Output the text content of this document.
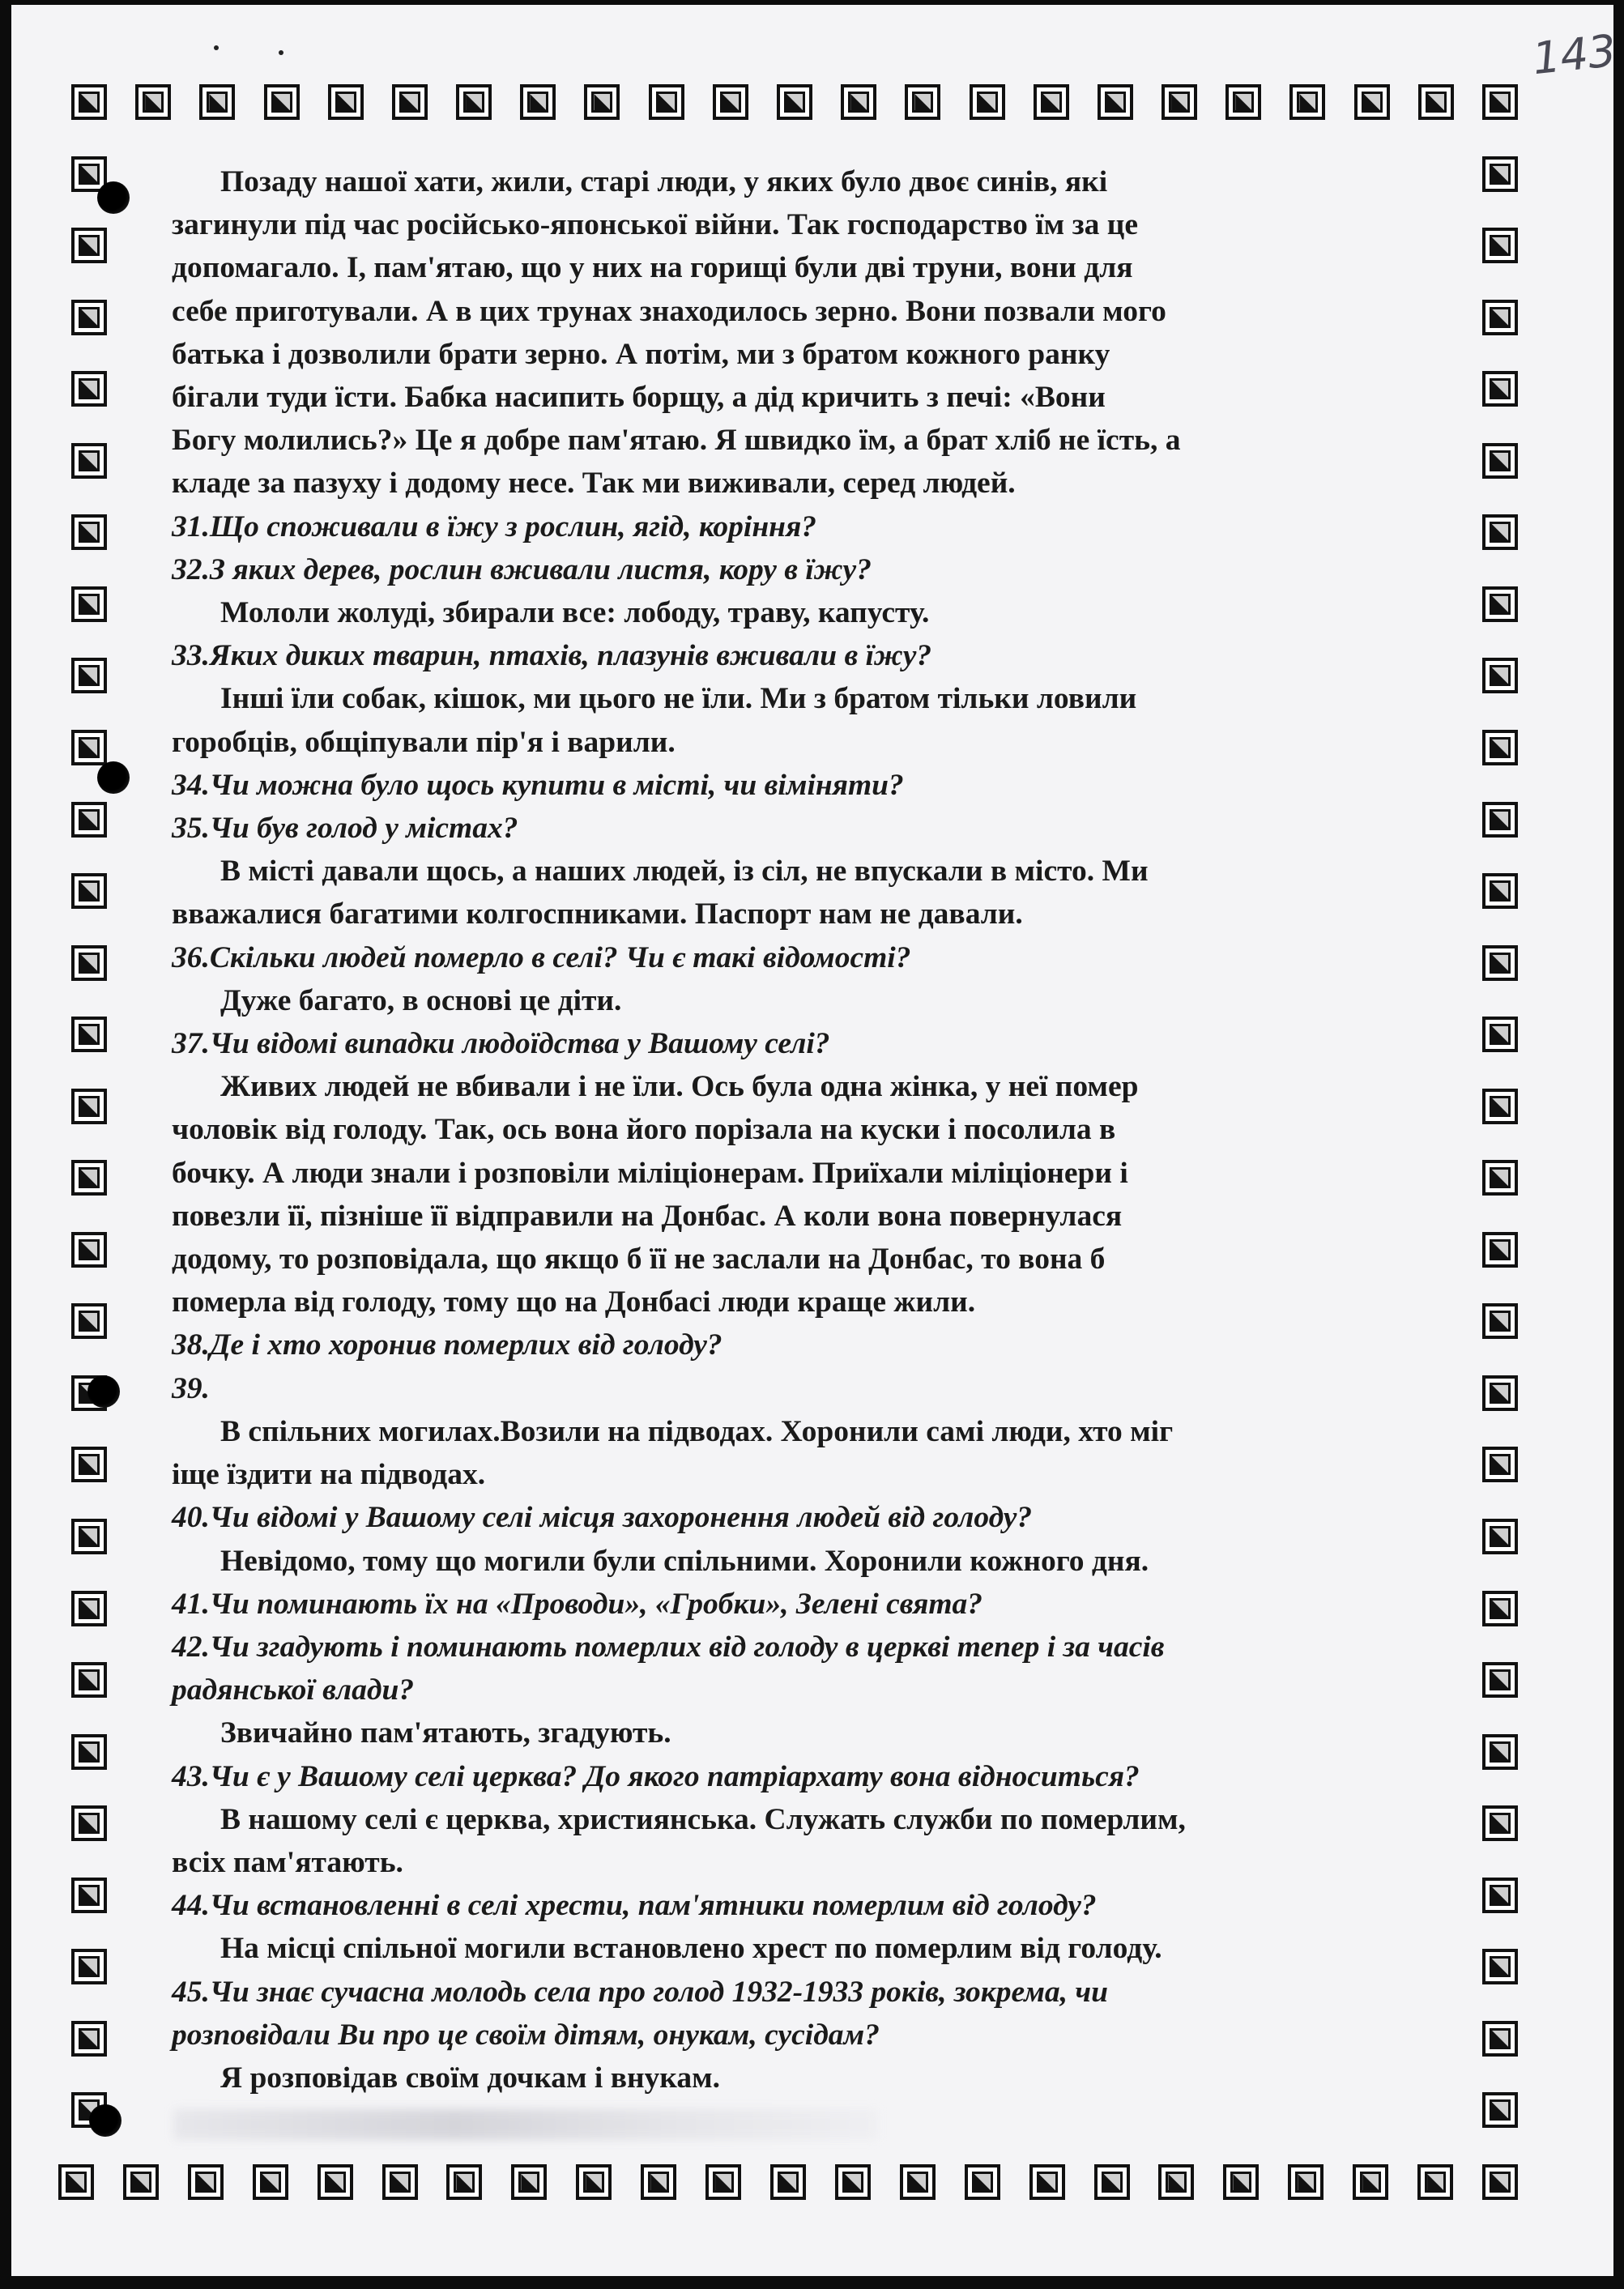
143
Позаду нашої хати, жили, старі люди, у яких було двоє синів, які
загинули під час російсько-японської війни. Так господарство їм за це
допомагало. І, пам'ятаю, що у них на горищі були дві труни, вони для
себе приготували. А в цих трунах знаходилось зерно. Вони позвали мого
батька і дозволили брати зерно. А потім, ми з братом кожного ранку
бігали туди їсти. Бабка насипить борщу, а дід кричить з печі: «Вони
Богу молились?» Це я добре пам'ятаю. Я швидко їм, а брат хліб не їсть, а
кладе за пазуху і додому несе. Так ми виживали, серед людей.
31.Що споживали в їжу з рослин, ягід, коріння?
32.З яких дерев, рослин вживали листя, кору в їжу?
Мололи жолуді, збирали все: лободу, траву, капусту.
33.Яких диких тварин, птахів, плазунів вживали в їжу?
Інші їли собак, кішок, ми цього не їли. Ми з братом тільки ловили
горобців, общіпували пір'я і варили.
34.Чи можна було щось купити в місті, чи віміняти?
35.Чи був голод у містах?
В місті давали щось, а наших людей, із сіл, не впускали в місто. Ми
вважалися багатими колгоспниками. Паспорт нам не давали.
36.Скільки людей померло в селі? Чи є такі відомості?
Дуже багато, в основі це діти.
37.Чи відомі випадки людоїдства у Вашому селі?
Живих людей не вбивали і не їли. Ось була одна жінка, у неї помер
чоловік від голоду. Так, ось вона його порізала на куски і посолила в
бочку. А люди знали і розповіли міліціонерам. Приїхали міліціонери і
повезли її, пізніше її відправили на Донбас. А коли вона повернулася
додому, то розповідала, що якщо б її не заслали на Донбас, то вона б
померла від голоду, тому що на Донбасі люди краще жили.
38.Де і хто хоронив померлих від голоду?
39.
В спільних могилах.Возили на підводах. Хоронили самі люди, хто міг
іще їздити на підводах.
40.Чи відомі у Вашому селі місця захоронення людей від голоду?
Невідомо, тому що могили були спільними. Хоронили кожного дня.
41.Чи поминають їх на «Проводи», «Гробки», Зелені свята?
42.Чи згадують і поминають померлих від голоду в церкві тепер і за часів
радянської влади?
Звичайно пам'ятають, згадують.
43.Чи є у Вашому селі церква? До якого патріархату вона відноситься?
В нашому селі є церква, християнська. Служать служби по померлим,
всіх пам'ятають.
44.Чи встановленні в селі хрести, пам'ятники померлим від голоду?
На місці спільної могили встановлено хрест по померлим від голоду.
45.Чи знає сучасна молодь села про голод 1932-1933 років, зокрема, чи
розповідали Ви про це своїм дітям, онукам, сусідам?
Я розповідав своїм дочкам і внукам.
